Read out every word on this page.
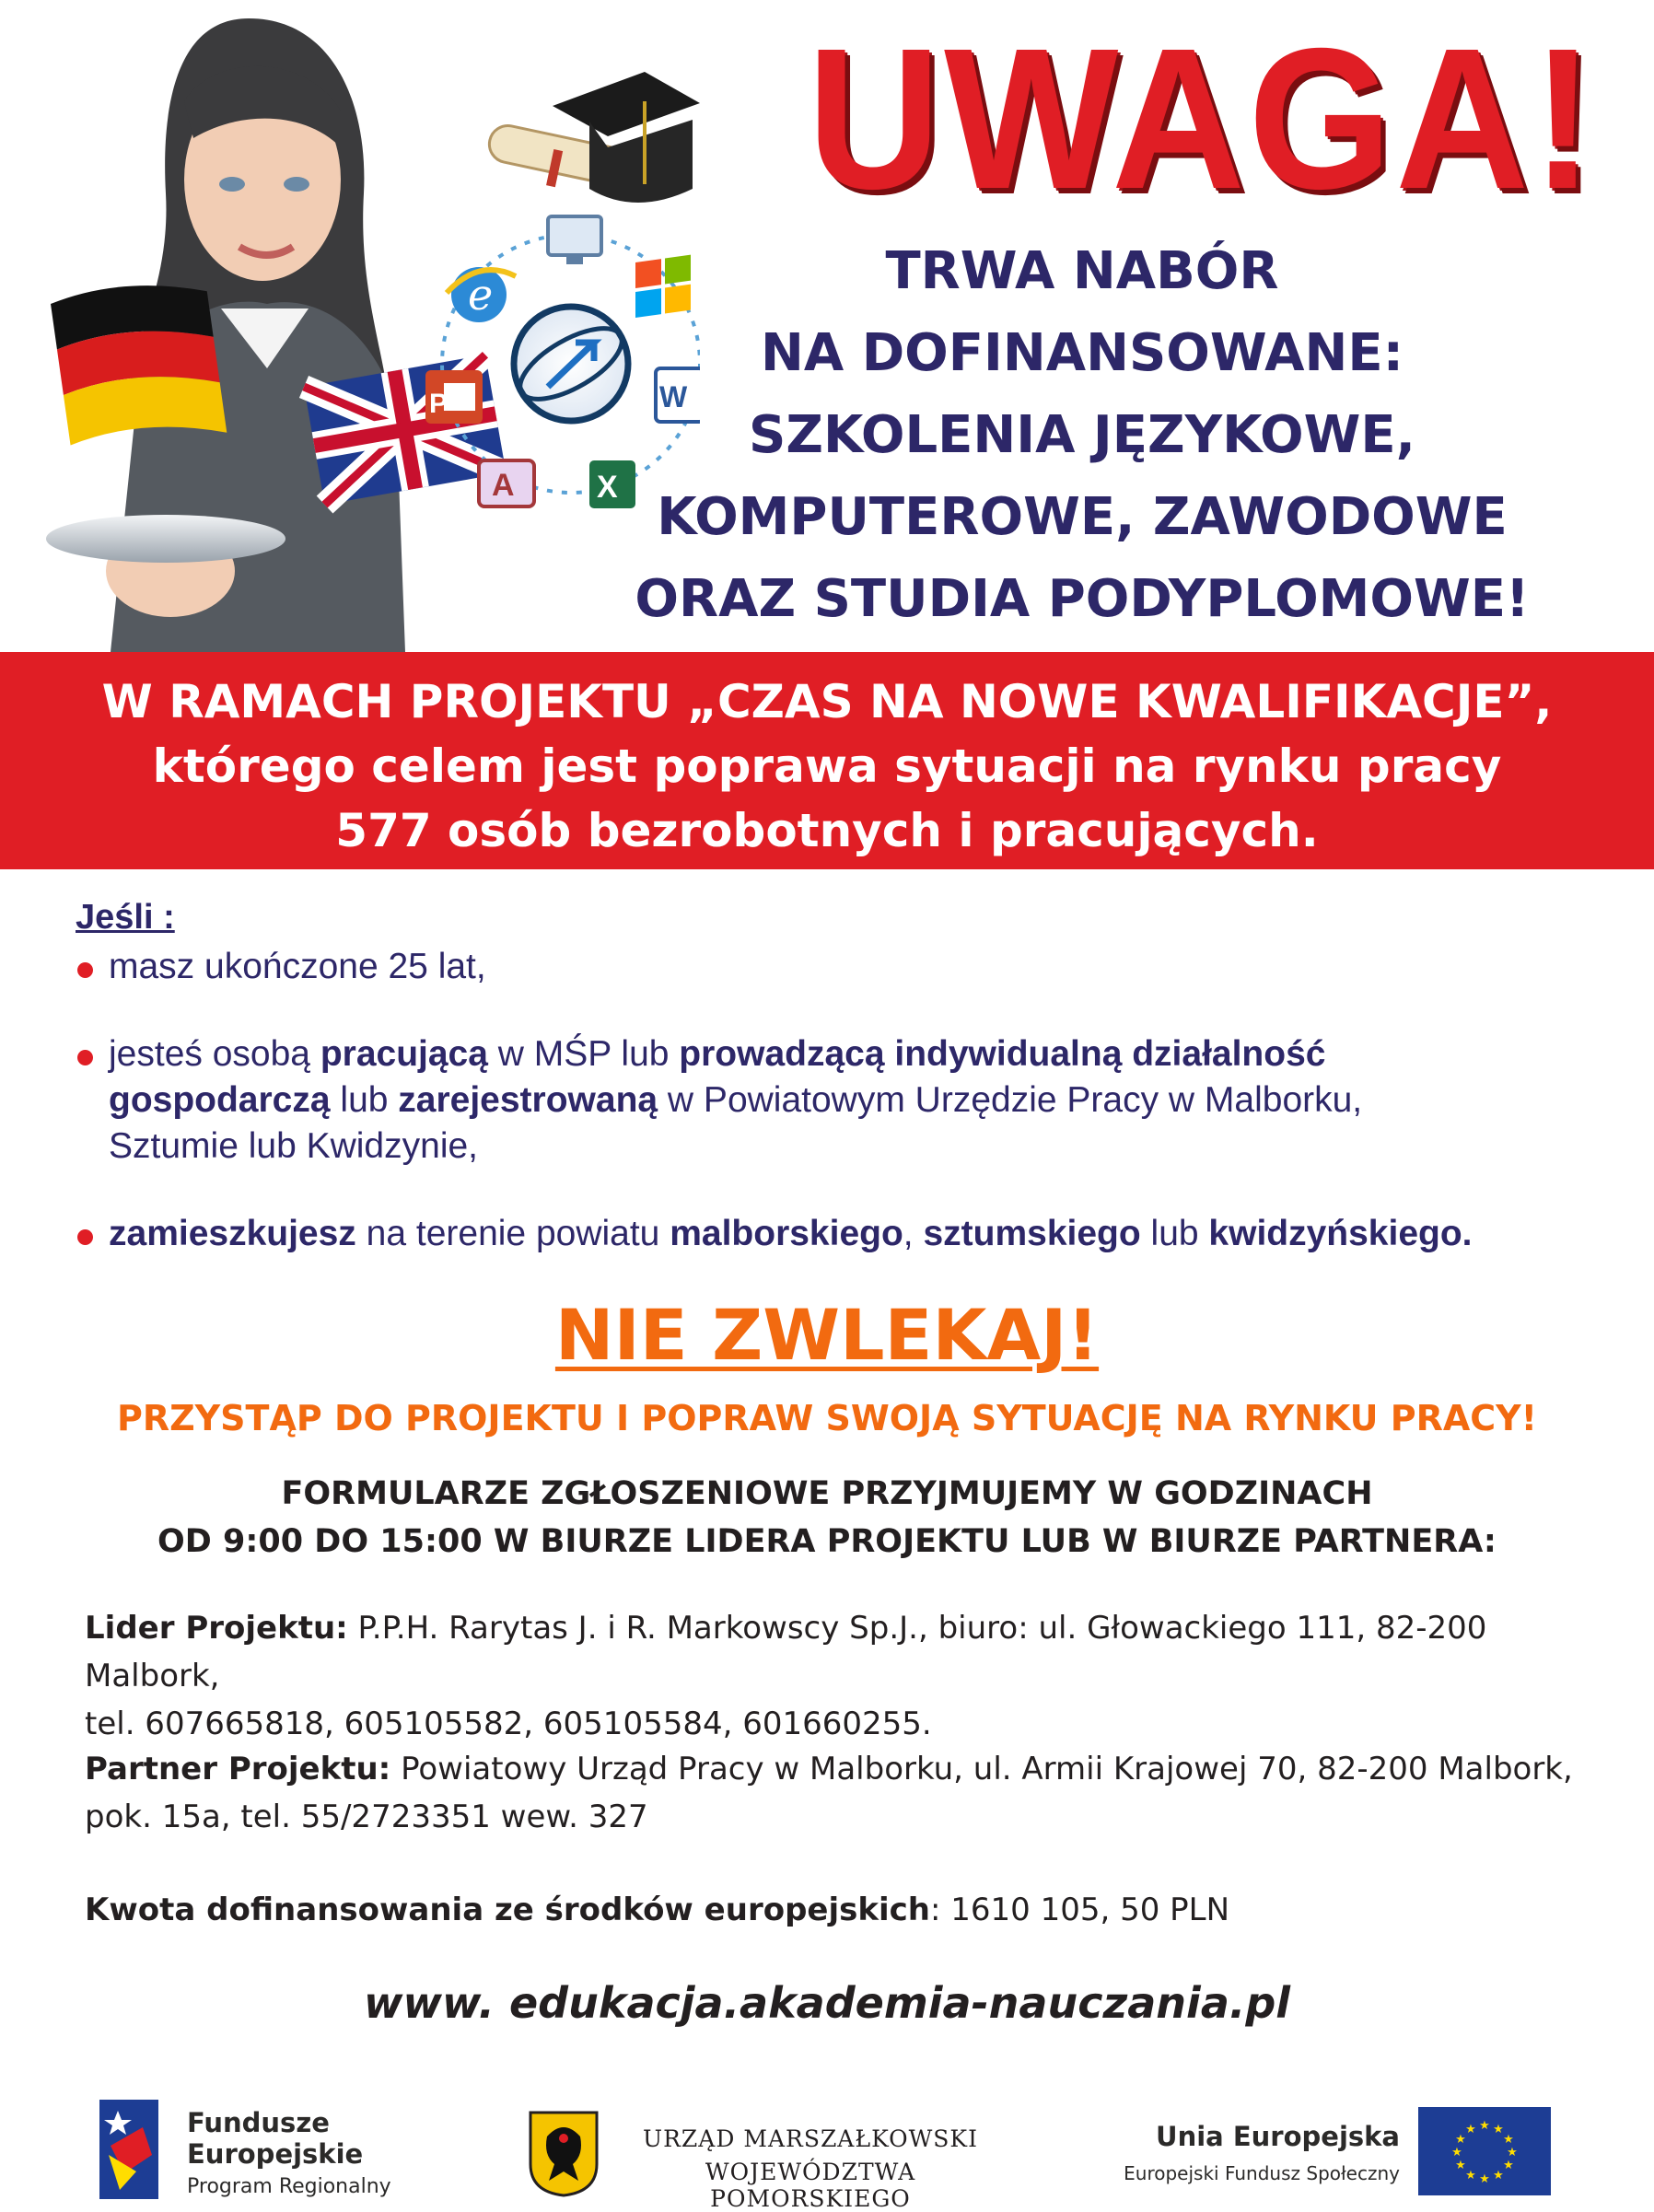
e
P	W
A	X
UWAGA!
TRWA NABÓR
NA DOFINANSOWANE:
SZKOLENIA JĘZYKOWE,
KOMPUTEROWE, ZAWODOWE
ORAZ STUDIA PODYPLOMOWE!
W RAMACH PROJEKTU „CZAS NA NOWE KWALIFIKACJE”,
którego celem jest poprawa sytuacji na rynku pracy
577 osób bezrobotnych i pracujących.
Jeśli :
masz ukończone 25 lat,
jesteś osobą pracującą w MŚP lub prowadzącą indywidualną działalność
gospodarczą lub zarejestrowaną w Powiatowym Urzędzie Pracy w Malborku,
Sztumie lub Kwidzynie,
zamieszkujesz na terenie powiatu malborskiego, sztumskiego lub kwidzyńskiego.
NIE ZWLEKAJ!
PRZYSTĄP DO PROJEKTU I POPRAW SWOJĄ SYTUACJĘ NA RYNKU PRACY!
FORMULARZE ZGŁOSZENIOWE PRZYJMUJEMY W GODZINACH
OD 9:00 DO 15:00 W BIURZE LIDERA PROJEKTU LUB W BIURZE PARTNERA:
Lider Projektu: P.P.H. Rarytas J. i R. Markowscy Sp.J., biuro: ul. Głowackiego 111, 82-200 Malbork,
tel. 607665818, 605105582, 605105584, 601660255.
Partner Projektu: Powiatowy Urząd Pracy w Malborku, ul. Armii Krajowej 70, 82-200 Malbork,
pok. 15a, tel. 55/2723351 wew. 327
Kwota dofinansowania ze środków europejskich: 1610 105, 50 PLN
www. edukacja.akademia-nauczania.pl
Fundusze
Europejskie
Program Regionalny
URZĄD MARSZAŁKOWSKI
WOJEWÓDZTWA POMORSKIEGO
Unia Europejska
Europejski Fundusz Społeczny
★ ★
★
★
★
★
★
★
★
★
★
★
